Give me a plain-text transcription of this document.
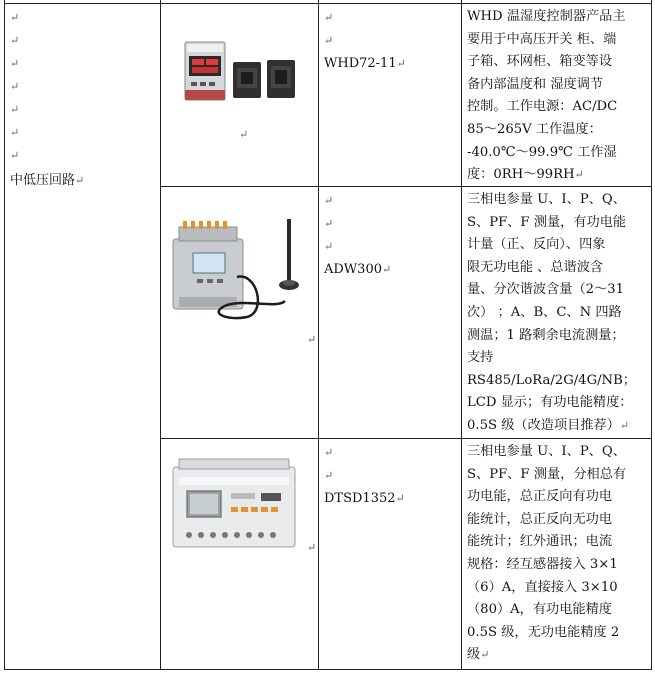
↵
↵
↵
↵
↵
↵
↵
中低压回路↵
↵
↵
↵
WHD72-11↵
WHD 温湿度控制器产品主
要用于中高压开关 柜、端
子箱、环网柜、箱变等设
备内部温度和 湿度调节
控制。工作电源：AC/DC
85～265V 工作温度：
-40.0℃～99.9℃ 工作湿
度：0RH～99RH↵
↵
↵
↵
↵
ADW300↵
三相电参量 U、I、P、Q、
S、PF、F 测量，有功电能
计量（正、反向）、四象
限无功电能 、总谐波含
量、分次谐波含量（2～31
次） ；A、B、C、N 四路
测温；1 路剩余电流测量；
支持
RS485/LoRa/2G/4G/NB；
LCD 显示；有功电能精度：
0.5S 级（改造项目推荐）↵
↵
↵
↵
DTSD1352↵
三相电参量 U、I、P、Q、
S、PF、F 测量，分相总有
功电能，总正反向有功电
能统计，总正反向无功电
能统计；红外通讯；电流
规格：经互感器接入 3×1
（6）A，直接接入 3×10
（80）A，有功电能精度
0.5S 级，无功电能精度 2
级↵
